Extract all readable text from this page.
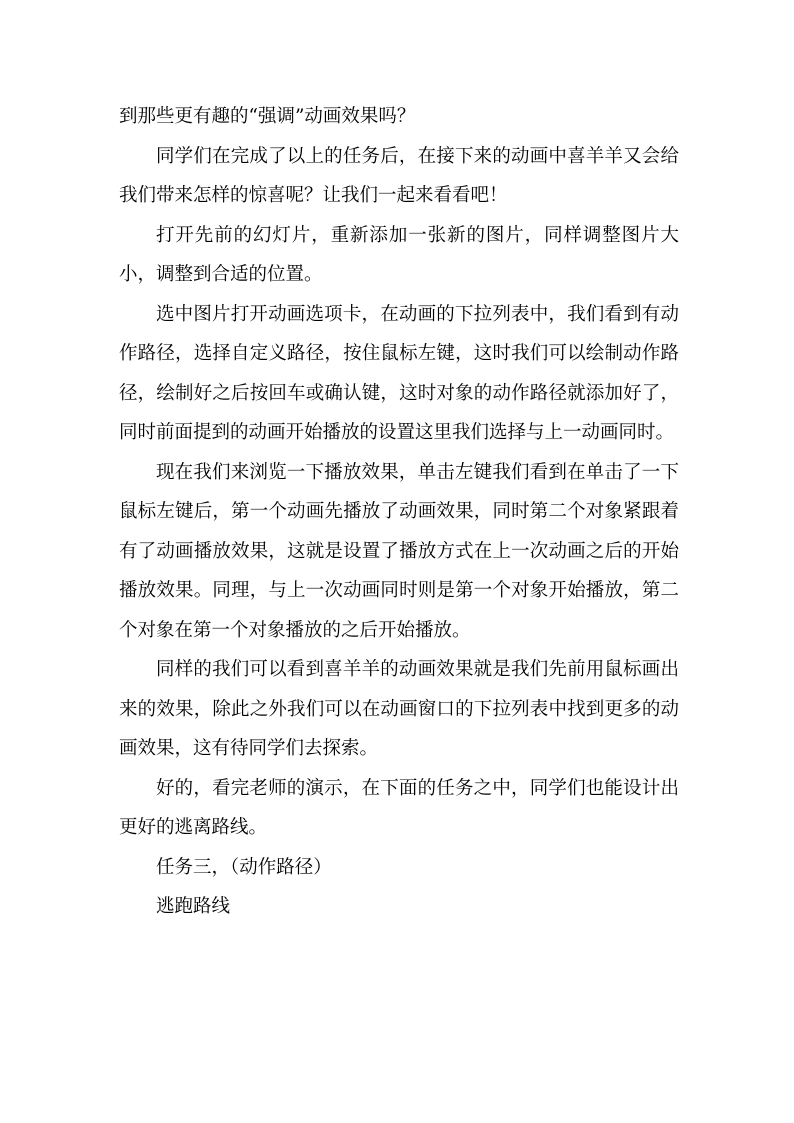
到那些更有趣的“强调”动画效果吗？

同学们在完成了以上的任务后，在接下来的动画中喜羊羊又会给我们带来怎样的惊喜呢？让我们一起来看看吧！

打开先前的幻灯片，重新添加一张新的图片，同样调整图片大小，调整到合适的位置。

选中图片打开动画选项卡，在动画的下拉列表中，我们看到有动作路径，选择自定义路径，按住鼠标左键，这时我们可以绘制动作路径，绘制好之后按回车或确认键，这时对象的动作路径就添加好了，同时前面提到的动画开始播放的设置这里我们选择与上一动画同时。

现在我们来浏览一下播放效果，单击左键我们看到在单击了一下鼠标左键后，第一个动画先播放了动画效果，同时第二个对象紧跟着有了动画播放效果，这就是设置了播放方式在上一次动画之后的开始播放效果。同理，与上一次动画同时则是第一个对象开始播放，第二个对象在第一个对象播放的之后开始播放。

同样的我们可以看到喜羊羊的动画效果就是我们先前用鼠标画出来的效果，除此之外我们可以在动画窗口的下拉列表中找到更多的动画效果，这有待同学们去探索。

好的，看完老师的演示，在下面的任务之中，同学们也能设计出更好的逃离路线。

任务三，（动作路径）

逃跑路线
